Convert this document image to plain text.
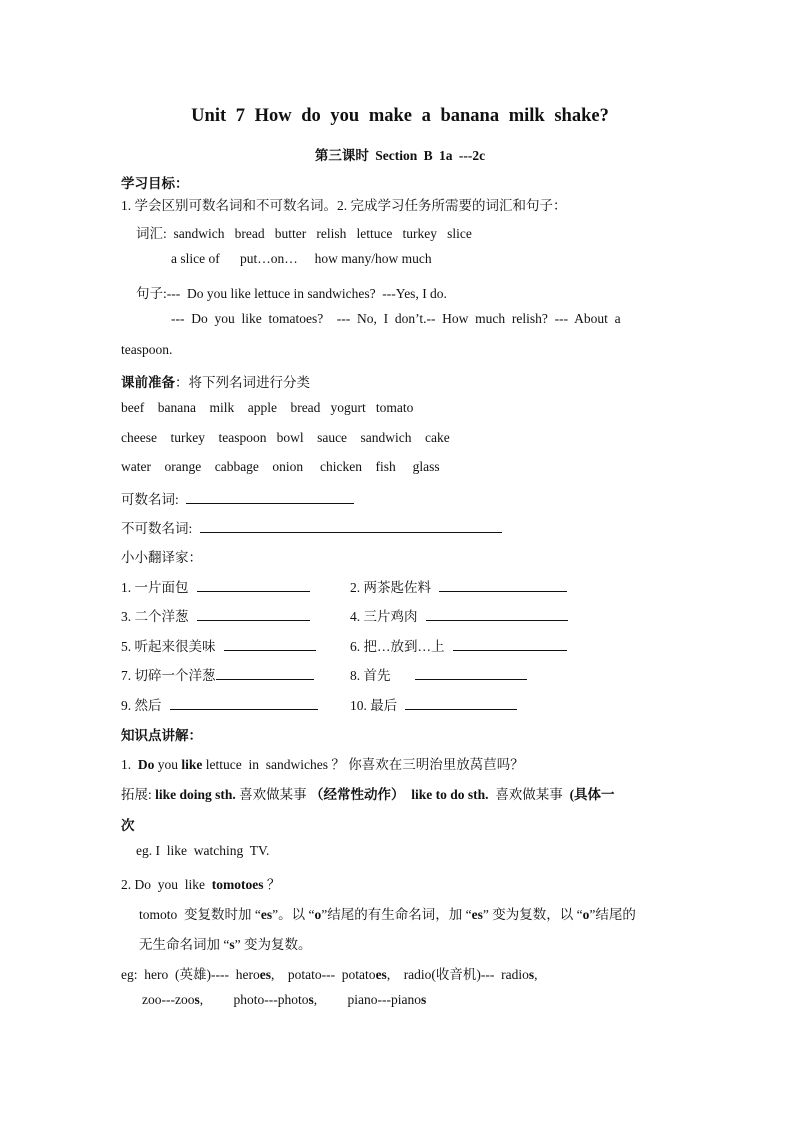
Unit 7 How do you make a banana milk shake?
第三课时 Section B 1a ---2c
学习目标：
1. 学会区别可数名词和不可数名词。2. 完成学习任务所需要的词汇和句子：
词汇:  sandwich   bread   butter   relish   lettuce   turkey   slice
a slice of      put…on…     how many/how much
句子:---  Do you like lettuce in sandwiches?  ---Yes, I do.
---  Do  you  like  tomatoes?    ---  No,  I  don’t.--  How  much  relish?  ---  About  a
teaspoon.
课前准备：将下列名词进行分类
beef    banana    milk    apple    bread   yogurt   tomato
cheese    turkey    teaspoon   bowl    sauce    sandwich    cake
water    orange    cabbage    onion     chicken    fish     glass
可数名词:
不可数名词:
小小翻译家：
1. 一片面包
3. 二个洋葱
5. 听起来很美味
7. 切碎一个洋葱
9. 然后
2. 两茶匙佐料
4. 三片鸡肉
6. 把…放到…上
8. 首先
10. 最后
知识点讲解：
1. Do you like lettuce  in  sandwiches ？ 你喜欢在三明治里放莴苣吗？
拓展: like doing sth. 喜欢做某事 （经常性动作）  like to do sth.  喜欢做某事  (具体一
次
eg. I  like  watching  TV.
2. Do  you  like  tomotoes ？
tomoto  变复数时加 “es”。以 “o”结尾的有生命名词，加 “es” 变为复数，以 “o”结尾的
无生命名词加 “s” 变为复数。
eg:  hero  (英雄)----  heroes,    potato---  potatoes,    radio(收音机)---  radios,
zoo---zoos,         photo---photos,         piano---pianos
